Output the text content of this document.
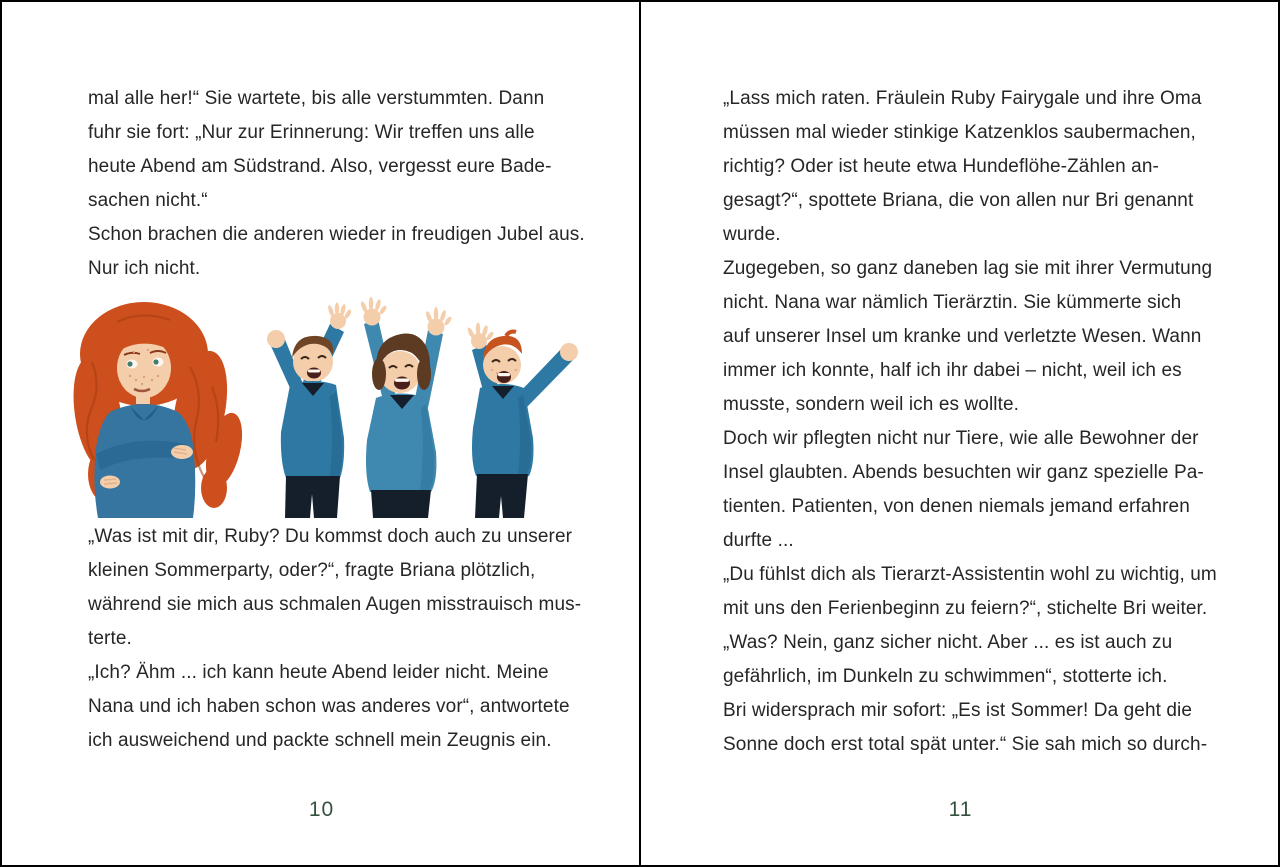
mal alle her!“ Sie wartete, bis alle verstummten. Dann
fuhr sie fort: „Nur zur Erinnerung: Wir treffen uns alle
heute Abend am Südstrand. Also, vergesst eure Bade-
sachen nicht.“
Schon brachen die anderen wieder in freudigen Jubel aus.
Nur ich nicht.
„Was ist mit dir, Ruby? Du kommst doch auch zu unserer
kleinen Sommerparty, oder?“, fragte Briana plötzlich,
während sie mich aus schmalen Augen misstrauisch mus-
terte.
„Ich? Ähm ... ich kann heute Abend leider nicht. Meine
Nana und ich haben schon was anderes vor“, antwortete
ich ausweichend und packte schnell mein Zeugnis ein.
10
„Lass mich raten. Fräulein Ruby Fairygale und ihre Oma
müssen mal wieder stinkige Katzenklos saubermachen,
richtig? Oder ist heute etwa Hundeflöhe-Zählen an-
gesagt?“, spottete Briana, die von allen nur Bri genannt
wurde.
Zugegeben, so ganz daneben lag sie mit ihrer Vermutung
nicht. Nana war nämlich Tierärztin. Sie kümmerte sich
auf unserer Insel um kranke und verletzte Wesen. Wann
immer ich konnte, half ich ihr dabei – nicht, weil ich es
musste, sondern weil ich es wollte.
Doch wir pflegten nicht nur Tiere, wie alle Bewohner der
Insel glaubten. Abends besuchten wir ganz spezielle Pa-
tienten. Patienten, von denen niemals jemand erfahren
durfte ...
„Du fühlst dich als Tierarzt-Assistentin wohl zu wichtig, um
mit uns den Ferienbeginn zu feiern?“, stichelte Bri weiter.
„Was? Nein, ganz sicher nicht. Aber ... es ist auch zu
gefährlich, im Dunkeln zu schwimmen“, stotterte ich.
Bri widersprach mir sofort: „Es ist Sommer! Da geht die
Sonne doch erst total spät unter.“ Sie sah mich so durch-
11
